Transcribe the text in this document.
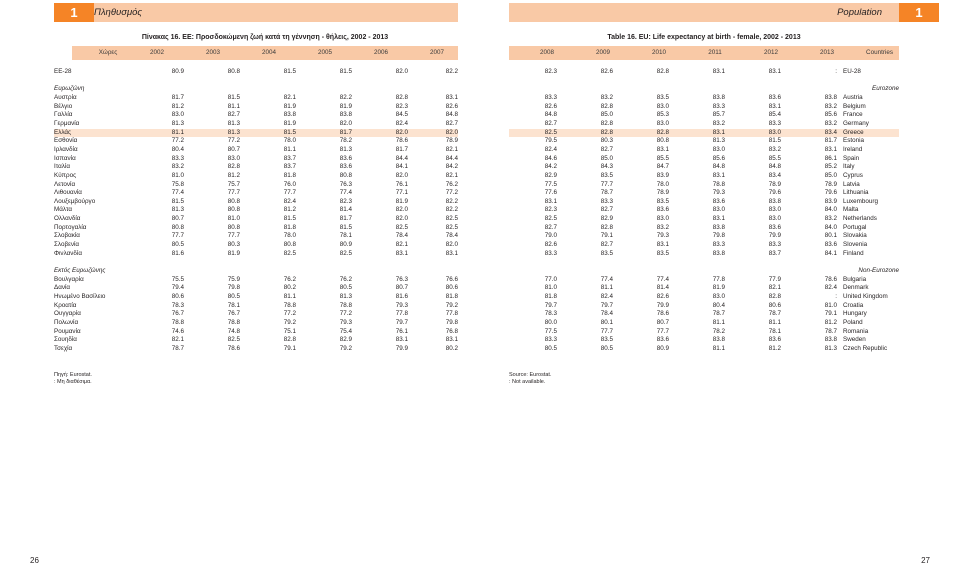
1	Πληθυσμός	1
Population
Πίνακας 16. ΕΕ: Προσδοκώμενη ζωή κατά τη γέννηση - θήλεις, 2002 - 2013	Table 16. EU: Life expectancy at birth - female, 2002 - 2013
Χώρες	2002	2003	2004	2005	2006	2007	2008	2009	2010	2011	2012	2013	Countries
ΕΕ-28	80.9	80.8	81.5	81.5	82.0	82.2

Ευρωζώνη						
Αυστρία	81.7	81.5	82.1	82.2	82.8	83.1
Βέλγιο	81.2	81.1	81.9	81.9	82.3	82.6
Γαλλία	83.0	82.7	83.8	83.8	84.5	84.8
Γερμανία	81.3	81.3	81.9	82.0	82.4	82.7
Ελλάς	81.1	81.3	81.5	81.7	82.0	82.0
Εσθονία	77.2	77.2	78.0	78.2	78.6	78.9
Ιρλανδία	80.4	80.7	81.1	81.3	81.7	82.1
Ισπανία	83.3	83.0	83.7	83.6	84.4	84.4
Ιταλία	83.2	82.8	83.7	83.6	84.1	84.2
Κύπρος	81.0	81.2	81.8	80.8	82.0	82.1
Λετονία	75.8	75.7	76.0	76.3	76.1	76.2
Λιθουανία	77.4	77.7	77.7	77.4	77.1	77.2
Λουξεμβούργο	81.5	80.8	82.4	82.3	81.9	82.2
Μάλτα	81.3	80.8	81.2	81.4	82.0	82.2
Ολλανδία	80.7	81.0	81.5	81.7	82.0	82.5
Πορτογαλία	80.8	80.8	81.8	81.5	82.5	82.5
Σλοβακία	77.7	77.7	78.0	78.1	78.4	78.4
Σλοβενία	80.5	80.3	80.8	80.9	82.1	82.0
Φινλανδία	81.6	81.9	82.5	82.5	83.1	83.1

Εκτός Ευρωζώνης						
Βουλγαρία	75.5	75.9	76.2	76.2	76.3	76.6
Δανία	79.4	79.8	80.2	80.5	80.7	80.6
Ηνωμένο Βασίλειο	80.6	80.5	81.1	81.3	81.6	81.8
Κροατία	78.3	78.1	78.8	78.8	79.3	79.2
Ουγγαρία	76.7	76.7	77.2	77.2	77.8	77.8
Πολωνία	78.8	78.8	79.2	79.3	79.7	79.8
Ρουμανία	74.6	74.8	75.1	75.4	76.1	76.8
Σουηδία	82.1	82.5	82.8	82.9	83.1	83.1
Τσεχία	78.7	78.6	79.1	79.2	79.9	80.2
82.3	82.6	82.8	83.1	83.1	:		EU-28

Eurozone							
83.3	83.2	83.5	83.8	83.6	83.8		Austria
82.6	82.8	83.0	83.3	83.1	83.2		Belgium
84.8	85.0	85.3	85.7	85.4	85.6		France
82.7	82.8	83.0	83.2	83.3	83.2		Germany
82.5	82.8	82.8	83.1	83.0	83.4		Greece
79.5	80.3	80.8	81.3	81.5	81.7		Estonia
82.4	82.7	83.1	83.0	83.2	83.1		Ireland
84.6	85.0	85.5	85.6	85.5	86.1		Spain
84.2	84.3	84.7	84.8	84.8	85.2		Italy
82.9	83.5	83.9	83.1	83.4	85.0		Cyprus
77.5	77.7	78.0	78.8	78.9	78.9		Latvia
77.6	78.7	78.9	79.3	79.6	79.6		Lithuania
83.1	83.3	83.5	83.6	83.8	83.9		Luxembourg
82.3	82.7	83.6	83.0	83.0	84.0		Malta
82.5	82.9	83.0	83.1	83.0	83.2		Netherlands
82.7	82.8	83.2	83.8	83.6	84.0		Portugal
79.0	79.1	79.3	79.8	79.9	80.1		Slovakia
82.6	82.7	83.1	83.3	83.3	83.6		Slovenia
83.3	83.5	83.5	83.8	83.7	84.1		Finland

Non-Eurozone							
77.0	77.4	77.4	77.8	77.9	78.6		Bulgaria
81.0	81.1	81.4	81.9	82.1	82.4		Denmark
81.8	82.4	82.6	83.0	82.8	:		United Kingdom
79.7	79.7	79.9	80.4	80.6	81.0		Croatia
78.3	78.4	78.6	78.7	78.7	79.1		Hungary
80.0	80.1	80.7	81.1	81.1	81.2		Poland
77.5	77.7	77.7	78.2	78.1	78.7		Romania
83.3	83.5	83.6	83.8	83.6	83.8		Sweden
80.5	80.5	80.9	81.1	81.2	81.3		Czech Republic
Πηγή: Eurostat.
: Μη διαθέσιμα.
Source: Eurostat.
: Not available.
26	27
